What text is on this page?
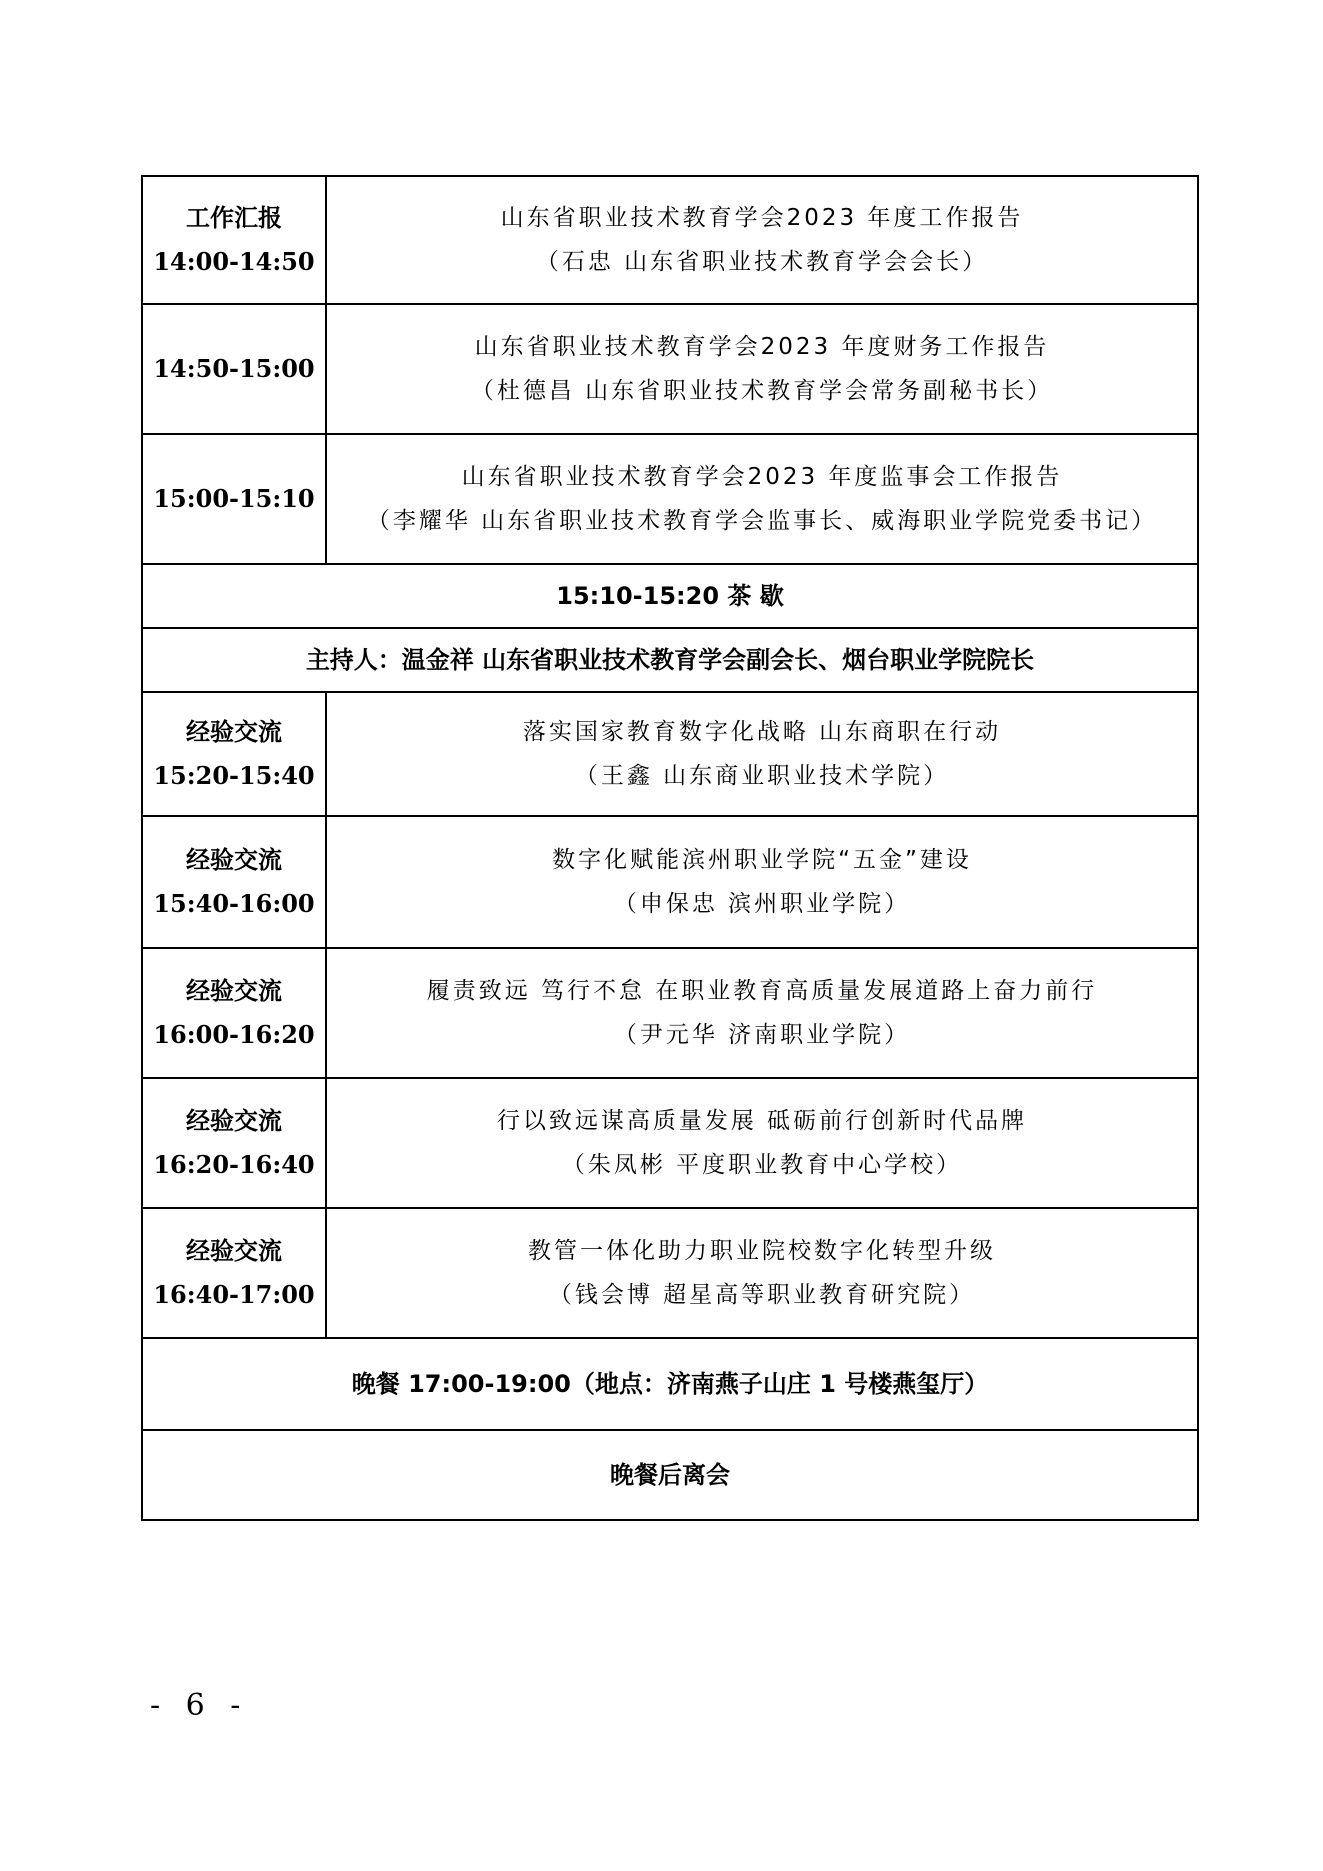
工作汇报
14:00-14:50	山东省职业技术教育学会2023 年度工作报告
（石忠 山东省职业技术教育学会会长）

14:50-15:00	山东省职业技术教育学会2023 年度财务工作报告
（杜德昌 山东省职业技术教育学会常务副秘书长）

15:00-15:10	山东省职业技术教育学会2023 年度监事会工作报告
（李耀华 山东省职业技术教育学会监事长、威海职业学院党委书记）

15:10-15:20 茶 歇	
主持人：温金祥 山东省职业技术教育学会副会长、烟台职业学院院长	

经验交流
15:20-15:40	落实国家教育数字化战略 山东商职在行动
（王鑫 山东商业职业技术学院）

经验交流
15:40-16:00	数字化赋能滨州职业学院“五金”建设
（申保忠 滨州职业学院）

经验交流
16:00-16:20	履责致远 笃行不怠 在职业教育高质量发展道路上奋力前行
（尹元华 济南职业学院）

经验交流
16:20-16:40	行以致远谋高质量发展 砥砺前行创新时代品牌
（朱凤彬 平度职业教育中心学校）

经验交流
16:40-17:00	教管一体化助力职业院校数字化转型升级
（钱会博 超星高等职业教育研究院）

晚餐 17:00-19:00（地点：济南燕子山庄 1 号楼燕玺厅）	
晚餐后离会	
- 6 -
